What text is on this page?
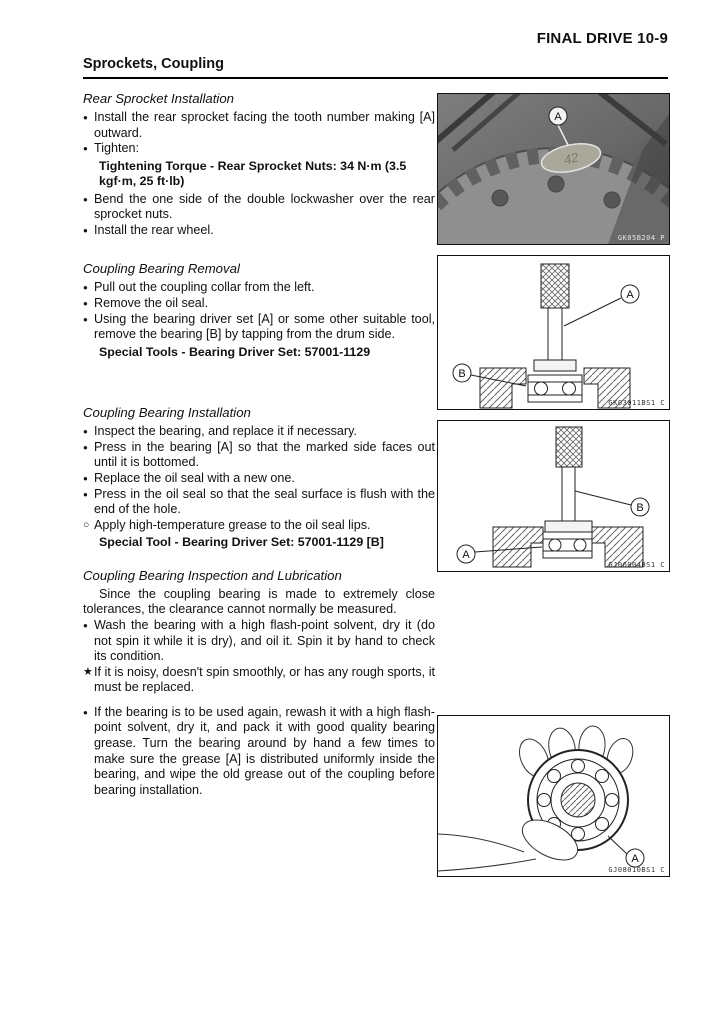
FINAL DRIVE 10-9
Sprockets, Coupling
Rear Sprocket Installation
● Install the rear sprocket facing the tooth number making [A] outward.
● Tighten:
Tightening Torque - Rear Sprocket Nuts: 34 N·m (3.5 kgf·m, 25 ft·lb)
● Bend the one side of the double lockwasher over the rear sprocket nuts.
● Install the rear wheel.
Coupling Bearing Removal
● Pull out the coupling collar from the left.
● Remove the oil seal.
● Using the bearing driver set [A] or some other suitable tool, remove the bearing [B] by tapping from the drum side.
Special Tools - Bearing Driver Set: 57001-1129
Coupling Bearing Installation
● Inspect the bearing, and replace it if necessary.
● Press in the bearing [A] so that the marked side faces out until it is bottomed.
● Replace the oil seal with a new one.
● Press in the oil seal so that the seal surface is flush with the end of the hole.
○ Apply high-temperature grease to the oil seal lips.
Special Tool - Bearing Driver Set: 57001-1129 [B]
Coupling Bearing Inspection and Lubrication
Since the coupling bearing is made to extremely close tolerances, the clearance cannot normally be measured.
● Wash the bearing with a high flash-point solvent, dry it (do not spin it while it is dry), and oil it. Spin it by hand to check its condition.
★ If it is noisy, doesn't spin smoothly, or has any rough sports, it must be replaced.
● If the bearing is to be used again, rewash it with a high flash-point solvent, dry it, and pack it with good quality bearing grease. Turn the bearing around by hand a few times to make sure the grease [A] is distributed uniformly inside the bearing, and wipe the old grease out of the coupling before bearing installation.
42
A
GK05B204 P
A
B
GK03011BS1 C
B
A
GJ06004BS1 C
A
GJ08010BS1 C
